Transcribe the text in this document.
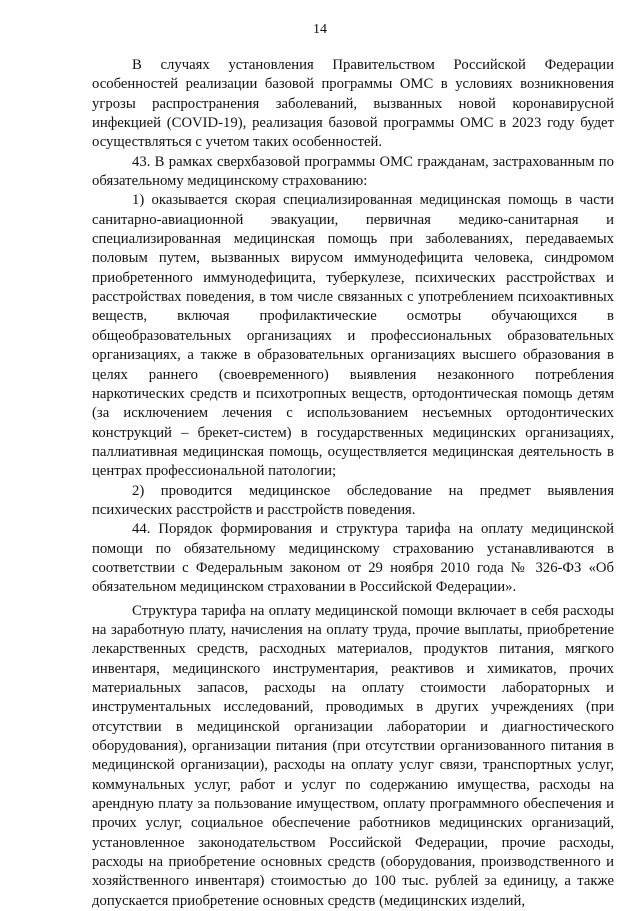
14

В случаях установления Правительством Российской Федерации особенностей реализации базовой программы ОМС в условиях возникновения угрозы распространения заболеваний, вызванных новой коронавирусной инфекцией (COVID-19), реализация базовой программы ОМС в 2023 году будет осуществляться с учетом таких особенностей.

43. В рамках сверхбазовой программы ОМС гражданам, застрахованным по обязательному медицинскому страхованию:

1) оказывается скорая специализированная медицинская помощь в части санитарно-авиационной эвакуации, первичная медико-санитарная и специализированная медицинская помощь при заболеваниях, передаваемых половым путем, вызванных вирусом иммунодефицита человека, синдромом приобретенного иммунодефицита, туберкулезе, психических расстройствах и расстройствах поведения, в том числе связанных с употреблением психоактивных веществ, включая профилактические осмотры обучающихся в общеобразовательных организациях и профессиональных образовательных организациях, а также в образовательных организациях высшего образования в целях раннего (своевременного) выявления незаконного потребления наркотических средств и психотропных веществ, ортодонтическая помощь детям (за исключением лечения с использованием несъемных ортодонтических конструкций – брекет-систем) в государственных медицинских организациях, паллиативная медицинская помощь, осуществляется медицинская деятельность в центрах профессиональной патологии;

2) проводится медицинское обследование на предмет выявления психических расстройств и расстройств поведения.

44. Порядок формирования и структура тарифа на оплату медицинской помощи по обязательному медицинскому страхованию устанавливаются в соответствии с Федеральным законом от 29 ноября 2010 года № 326-ФЗ «Об обязательном медицинском страховании в Российской Федерации».

Структура тарифа на оплату медицинской помощи включает в себя расходы на заработную плату, начисления на оплату труда, прочие выплаты, приобретение лекарственных средств, расходных материалов, продуктов питания, мягкого инвентаря, медицинского инструментария, реактивов и химикатов, прочих материальных запасов, расходы на оплату стоимости лабораторных и инструментальных исследований, проводимых в других учреждениях (при отсутствии в медицинской организации лаборатории и диагностического оборудования), организации питания (при отсутствии организованного питания в медицинской организации), расходы на оплату услуг связи, транспортных услуг, коммунальных услуг, работ и услуг по содержанию имущества, расходы на арендную плату за пользование имуществом, оплату программного обеспечения и прочих услуг, социальное обеспечение работников медицинских организаций, установленное законодательством Российской Федерации, прочие расходы, расходы на приобретение основных средств (оборудования, производственного и хозяйственного инвентаря) стоимостью до 100 тыс. рублей за единицу, а также допускается приобретение основных средств (медицинских изделий,
